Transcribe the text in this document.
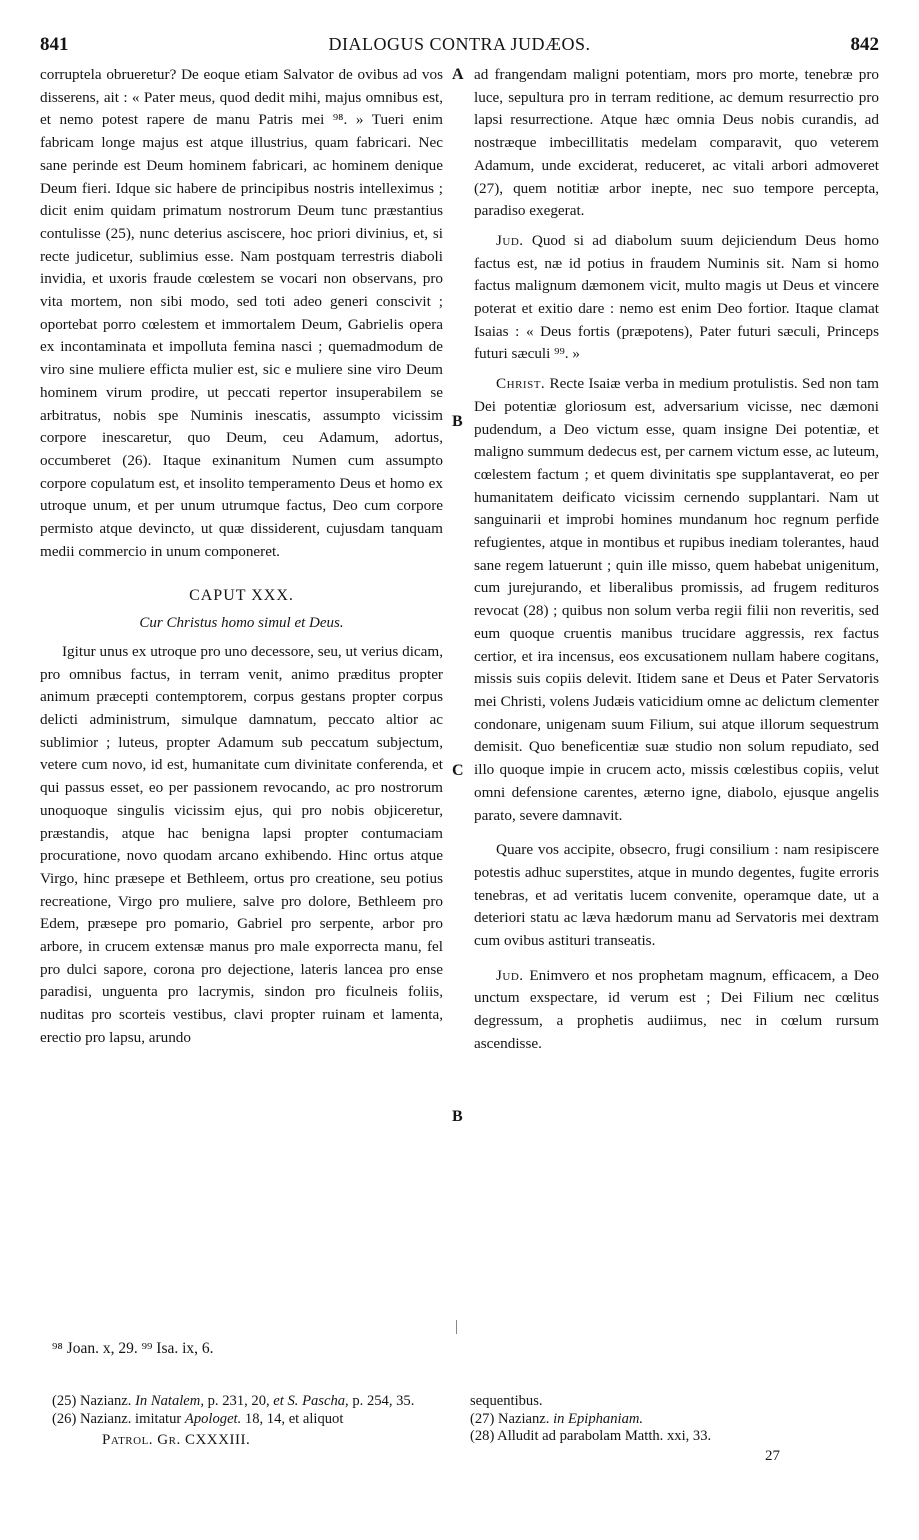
841	DIALOGUS CONTRA JUDÆOS.	842
A
B
C
B

corruptela obrueretur? De eoque etiam Salvator de ovibus ad vos disserens, ait : « Pater meus, quod dedit mihi, majus omnibus est, et nemo potest rapere de manu Patris mei ⁹⁸. » Tueri enim fabricam longe majus est atque illustrius, quam fabricari. Nec sane perinde est Deum hominem fabricari, ac hominem denique Deum fieri. Idque sic habere de principibus nostris intelleximus ; dicit enim quidam primatum nostrorum Deum tunc præstantius contulisse (25), nunc deterius asciscere, hoc priori divinius, et, si recte judicetur, sublimius esse. Nam postquam terrestris diaboli invidia, et uxoris fraude cœlestem se vocari non observans, pro vita mortem, non sibi modo, sed toti adeo generi conscivit ; oportebat porro cœlestem et immortalem Deum, Gabrielis opera ex incontaminata et impolluta femina nasci ; quemadmodum de viro sine muliere efficta mulier est, sic e muliere sine viro Deum hominem virum prodire, ut peccati repertor insuperabilem se arbitratus, nobis spe Numinis inescatis, assumpto vicissim corpore inescaretur, quo Deum, ceu Adamum, adortus, occumberet (26). Itaque exinanitum Numen cum assumpto corpore copulatum est, et insolito temperamento Deus et homo ex utroque unum, et per unum utrumque factus, Deo cum corpore permisto atque devincto, ut quæ dissiderent, cujusdam tanquam medii commercio in unum componeret.

CAPUT XXX.
Cur Christus homo simul et Deus.

Igitur unus ex utroque pro uno decessore, seu, ut verius dicam, pro omnibus factus, in terram venit, animo præditus propter animum præcepti contemptorem, corpus gestans propter corpus delicti administrum, simulque damnatum, peccato altior ac sublimior ; luteus, propter Adamum sub peccatum subjectum, vetere cum novo, id est, humanitate cum divinitate conferenda, et qui passus esset, eo per passionem revocando, ac pro nostrorum unoquoque singulis vicissim ejus, qui pro nobis objiceretur, præstandis, atque hac benigna lapsi propter contumaciam procuratione, novo quodam arcano exhibendo. Hinc ortus atque Virgo, hinc præsepe et Bethleem, ortus pro creatione, seu potius recreatione, Virgo pro muliere, salve pro dolore, Bethleem pro Edem, præsepe pro pomario, Gabriel pro serpente, arbor pro arbore, in crucem extensæ manus pro male exporrecta manu, fel pro dulci sapore, corona pro dejectione, lateris lancea pro ense paradisi, unguenta pro lacrymis, sindon pro ficulneis foliis, nuditas pro scorteis vestibus, clavi propter ruinam et lamenta, erectio pro lapsu, arundo

ad frangendam maligni potentiam, mors pro morte, tenebræ pro luce, sepultura pro in terram reditione, ac demum resurrectio pro lapsi resurrectione. Atque hæc omnia Deus nobis curandis, ad nostræque imbecillitatis medelam comparavit, quo veterem Adamum, unde exciderat, reduceret, ac vitali arbori admoveret (27), quem notitiæ arbor inepte, nec suo tempore percepta, paradiso exegerat.

Jud. Quod si ad diabolum suum dejiciendum Deus homo factus est, næ id potius in fraudem Numinis sit. Nam si homo factus malignum dæmonem vicit, multo magis ut Deus et vincere poterat et exitio dare : nemo est enim Deo fortior. Itaque clamat Isaias : « Deus fortis (præpotens), Pater futuri sæculi, Princeps futuri sæculi ⁹⁹. »

Christ. Recte Isaiæ verba in medium protulistis. Sed non tam Dei potentiæ gloriosum est, adversarium vicisse, nec dæmoni pudendum, a Deo victum esse, quam insigne Dei potentiæ, et maligno summum dedecus est, per carnem victum esse, ac luteum, cœlestem factum ; et quem divinitatis spe supplantaverat, eo per humanitatem deificato vicissim cernendo supplantari. Nam ut sanguinarii et improbi homines mundanum hoc regnum perfide refugientes, atque in montibus et rupibus inediam tolerantes, haud sane regem latuerunt ; quin ille misso, quem habebat unigenitum, cum jurejurando, et liberalibus promissis, ad frugem redituros revocat (28) ; quibus non solum verba regii filii non reveritis, sed eum quoque cruentis manibus trucidare aggressis, rex factus certior, et ira incensus, eos excusationem nullam habere cogitans, missis suis copiis delevit. Itidem sane et Deus et Pater Servatoris mei Christi, volens Judæis vaticidium omne ac delictum clementer condonare, unigenam suum Filium, sui atque illorum sequestrum demisit. Quo beneficentiæ suæ studio non solum repudiato, sed illo quoque impie in crucem acto, missis cœlestibus copiis, velut omni defensione carentes, æterno igne, diabolo, ejusque angelis parato, severe damnavit.

Quare vos accipite, obsecro, frugi consilium : nam resipiscere potestis adhuc superstites, atque in mundo degentes, fugite erroris tenebras, et ad veritatis lucem convenite, operamque date, ut a deteriori statu ac læva hædorum manu ad Servatoris mei dextram cum ovibus astituri transeatis.

Jud. Enimvero et nos prophetam magnum, efficacem, a Deo unctum exspectare, id verum est ; Dei Filium nec cœlitus degressum, a prophetis audiimus, nec in cœlum rursum ascendisse.

⁹⁸ Joan. x, 29. ⁹⁹ Isa. ix, 6.

(25) Nazianz. In Natalem, p. 231, 20, et S. Pascha, p. 254, 35.

(26) Nazianz. imitatur Apologet. 18, 14, et aliquot

Patrol. Gr. CXXXIII.

sequentibus.

(27) Nazianz. in Epiphaniam.

(28) Alludit ad parabolam Matth. xxi, 33.

27
